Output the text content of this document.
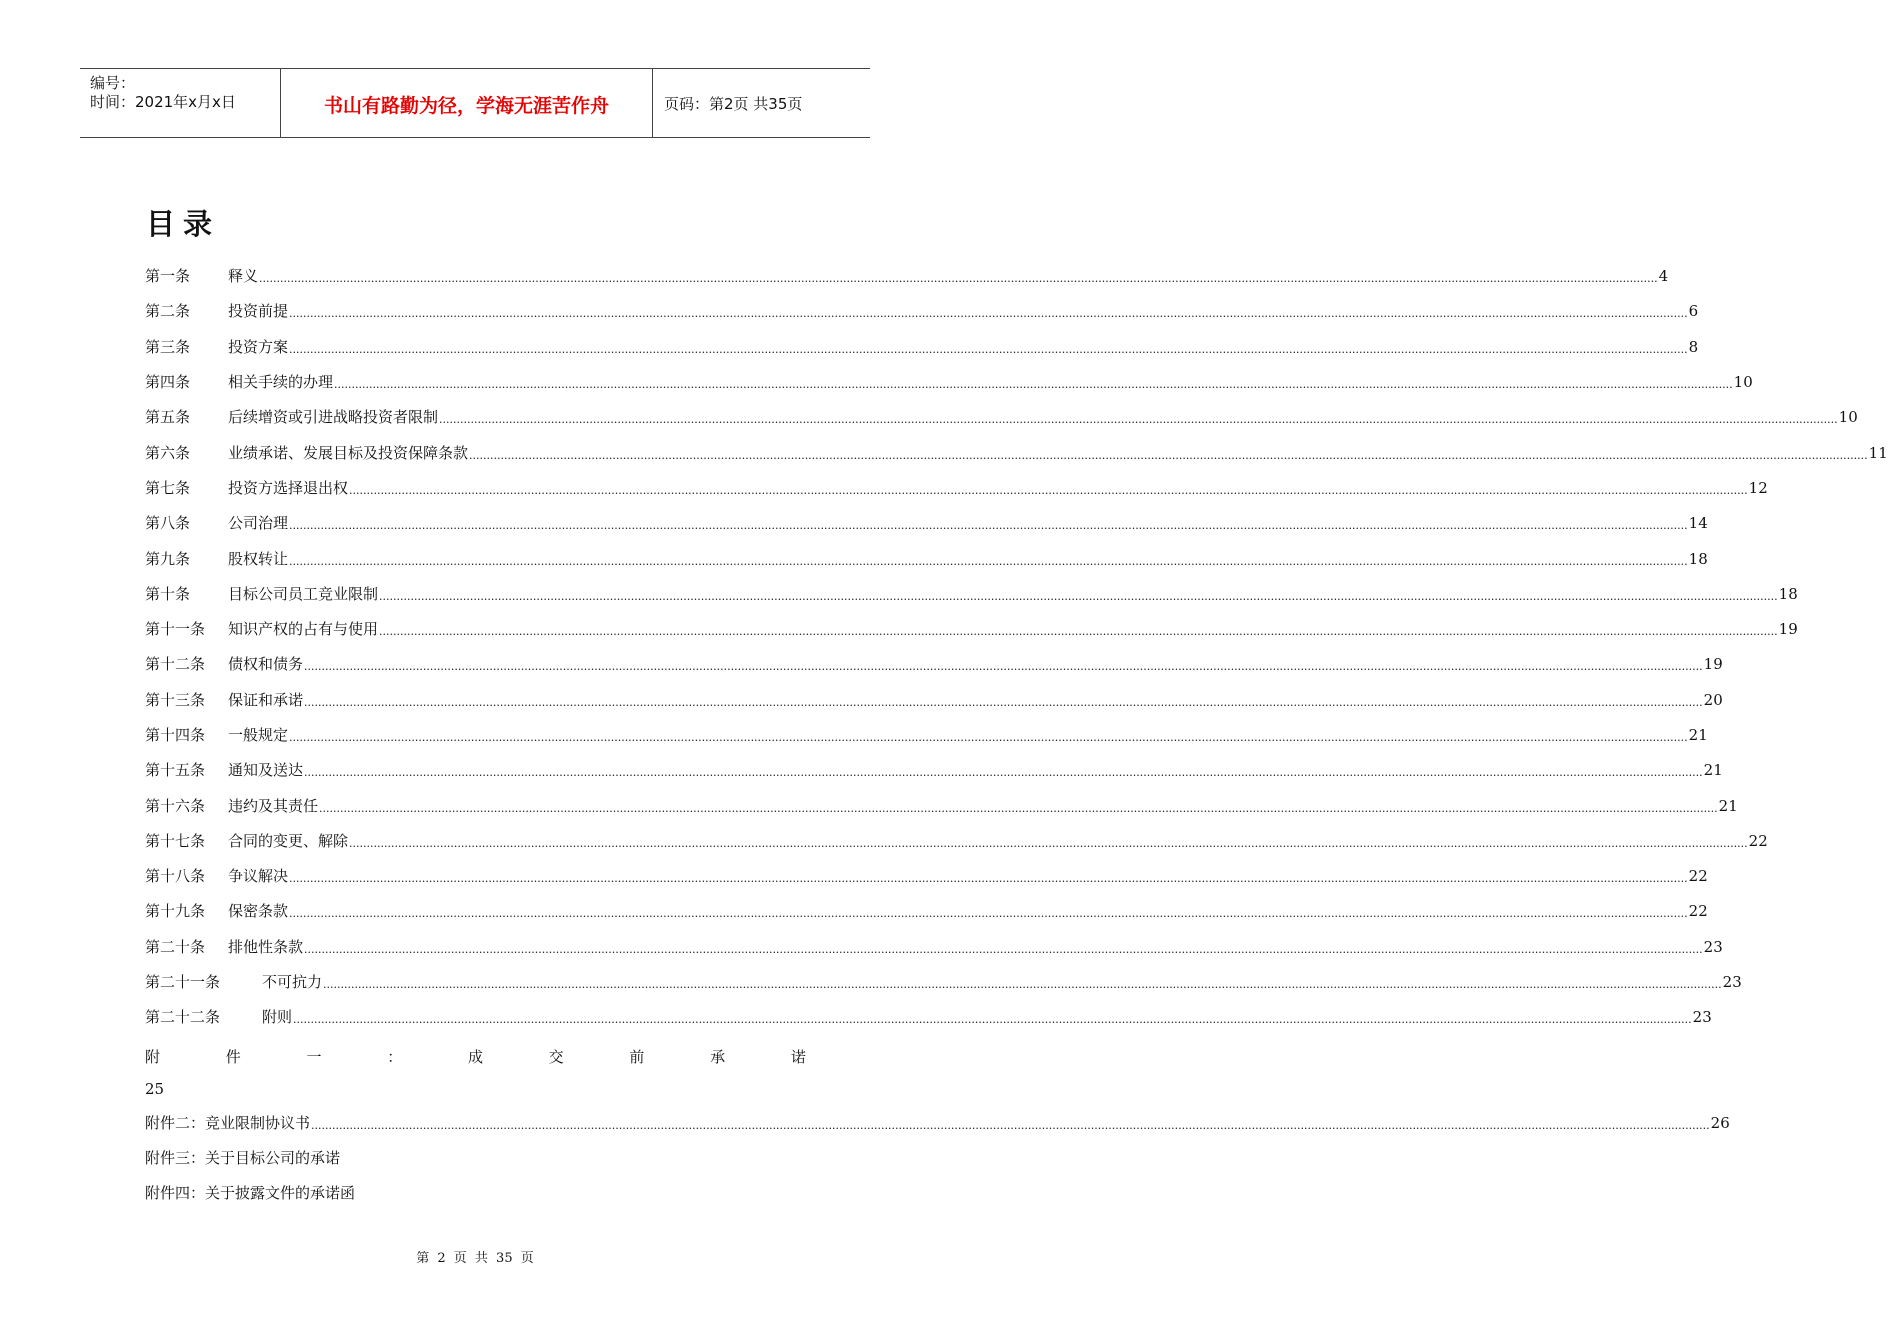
编号：
时间：2021年x月x日	书山有路勤为径，学海无涯苦作舟	页码：第2页 共35页
目录
第一条	释义 ................................................................................................................................................................................................................................................................................................................................................................................................................ 4
第二条	投资前提 ................................................................................................................................................................................................................................................................................................................................................................................................................ 6
第三条	投资方案 ................................................................................................................................................................................................................................................................................................................................................................................................................ 8
第四条	相关手续的办理 ................................................................................................................................................................................................................................................................................................................................................................................................................ 10
第五条	后续增资或引进战略投资者限制 ................................................................................................................................................................................................................................................................................................................................................................................................................ 10
第六条	业绩承诺、发展目标及投资保障条款 ................................................................................................................................................................................................................................................................................................................................................................................................................ 11
第七条	投资方选择退出权 ................................................................................................................................................................................................................................................................................................................................................................................................................ 12
第八条	公司治理 ................................................................................................................................................................................................................................................................................................................................................................................................................ 14
第九条	股权转让 ................................................................................................................................................................................................................................................................................................................................................................................................................ 18
第十条	目标公司员工竞业限制 ................................................................................................................................................................................................................................................................................................................................................................................................................ 18
第十一条	知识产权的占有与使用 ................................................................................................................................................................................................................................................................................................................................................................................................................ 19
第十二条	债权和债务 ................................................................................................................................................................................................................................................................................................................................................................................................................ 19
第十三条	保证和承诺 ................................................................................................................................................................................................................................................................................................................................................................................................................ 20
第十四条	一般规定 ................................................................................................................................................................................................................................................................................................................................................................................................................ 21
第十五条	通知及送达 ................................................................................................................................................................................................................................................................................................................................................................................................................ 21
第十六条	违约及其责任 ................................................................................................................................................................................................................................................................................................................................................................................................................ 21
第十七条	合同的变更、解除 ................................................................................................................................................................................................................................................................................................................................................................................................................ 22
第十八条	争议解决 ................................................................................................................................................................................................................................................................................................................................................................................................................ 22
第十九条	保密条款 ................................................................................................................................................................................................................................................................................................................................................................................................................ 22
第二十条	排他性条款 ................................................................................................................................................................................................................................................................................................................................................................................................................ 23
第二十一条	不可抗力 ................................................................................................................................................................................................................................................................................................................................................................................................................ 23
第二十二条	附则 ................................................................................................................................................................................................................................................................................................................................................................................................................ 23
附	件	一	：	成	交	前	承	诺
25
附件二：竞业限制协议书 ................................................................................................................................................................................................................................................................................................................................................................................................................ 26
附件三：关于目标公司的承诺
附件四：关于披露文件的承诺函
第 2 页 共 35 页
